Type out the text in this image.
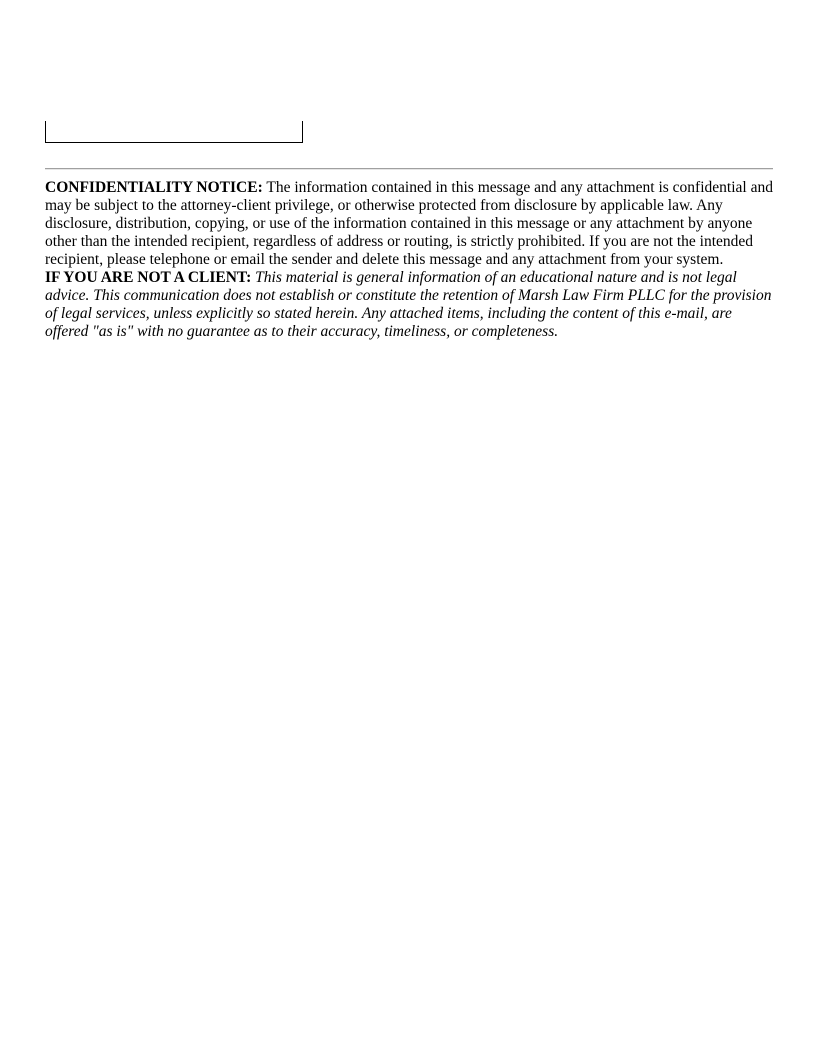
CONFIDENTIALITY NOTICE: The information contained in this message and any attachment is confidential and may be subject to the attorney-client privilege, or otherwise protected from disclosure by applicable law. Any disclosure, distribution, copying, or use of the information contained in this message or any attachment by anyone other than the intended recipient, regardless of address or routing, is strictly prohibited. If you are not the intended recipient, please telephone or email the sender and delete this message and any attachment from your system.

IF YOU ARE NOT A CLIENT: This material is general information of an educational nature and is not legal advice. This communication does not establish or constitute the retention of Marsh Law Firm PLLC for the provision of legal services, unless explicitly so stated herein. Any attached items, including the content of this e-mail, are offered "as is" with no guarantee as to their accuracy, timeliness, or completeness.
